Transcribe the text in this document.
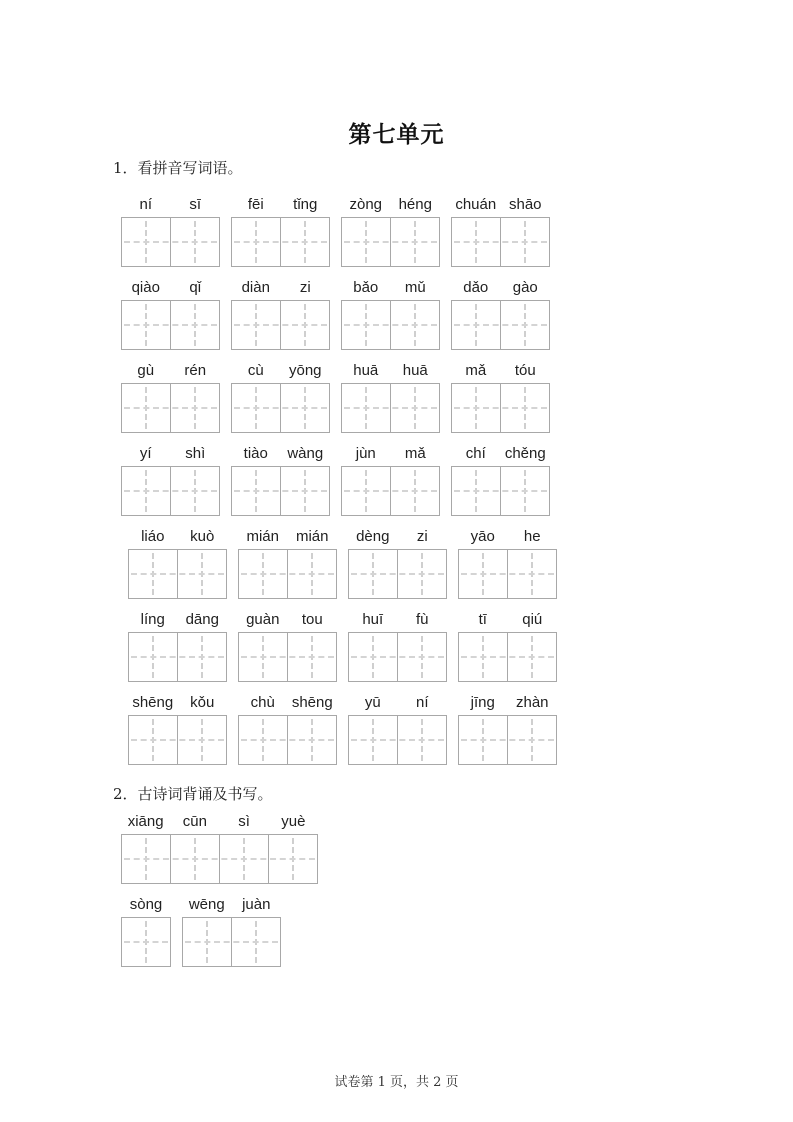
第七单元
1．看拼音写词语。
ní	sī	fēi	tǐng	zòng	héng	chuán shāo
qiào	qǐ	diàn	zi	bǎo	mǔ	dǎo	gào
gù	rén	cù	yōng	huā	huā	mǎ	tóu
yí	shì	tiào	wàng	jùn	mǎ	chí	chěng
liáo	kuò	mián	mián	dèng	zi	yāo	he
líng	dāng	guàn	tou	huī	fù	tī	qiú
shēng	kǒu	chù	shēng	yū	ní	jīng	zhàn
2．古诗词背诵及书写。
xiāng	cūn	sì	yuè
sòng	wēng	juàn
试卷第 1 页，共 2 页
